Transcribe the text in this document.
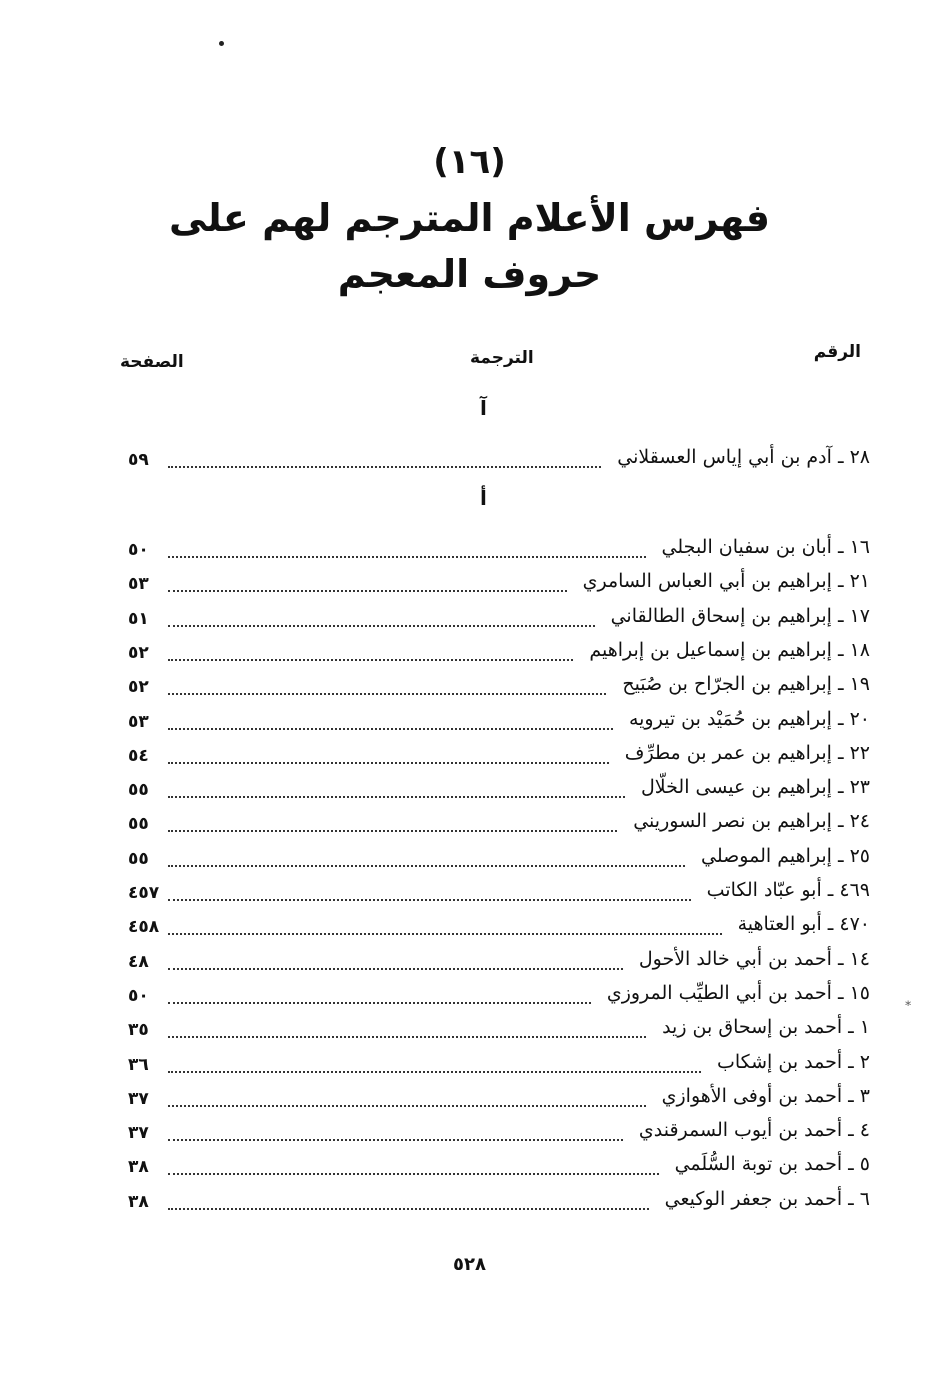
(١٦)
فهرس الأعلام المترجم لهم على
حروف المعجم
الرقم
الترجمة
الصفحة
آ
٥٩	٢٨ ـ آدم بن أبي إياس العسقلاني
أ
٥٠	١٦ ـ أبان بن سفيان البجلي
٥٣	٢١ ـ إبراهيم بن أبي العباس السامري
٥١	١٧ ـ إبراهيم بن إسحاق الطالقاني
٥٢	١٨ ـ إبراهيم بن إسماعيل بن إبراهيم
٥٢	١٩ ـ إبراهيم بن الجرّاح بن صُبَيح
٥٣	٢٠ ـ إبراهيم بن حُمَيْد بن تيرويه
٥٤	٢٢ ـ إبراهيم بن عمر بن مطرِّف
٥٥	٢٣ ـ إبراهيم بن عيسى الخلّال
٥٥	٢٤ ـ إبراهيم بن نصر السوريني
٥٥	٢٥ ـ إبراهيم الموصلي
٤٥٧	٤٦٩ ـ أبو عبّاد الكاتب
٤٥٨	٤٧٠ ـ أبو العتاهية
٤٨	١٤ ـ أحمد بن أبي خالد الأحول
٥٠	١٥ ـ أحمد بن أبي الطيِّب المروزي
٣٥	١ ـ أحمد بن إسحاق بن زيد
٣٦	٢ ـ أحمد بن إشكاب
٣٧	٣ ـ أحمد بن أوفى الأهوازي
٣٧	٤ ـ أحمد بن أيوب السمرقندي
٣٨	٥ ـ أحمد بن توبة السُّلَمي
٣٨	٦ ـ أحمد بن جعفر الوكيعي
∗
٥٢٨
